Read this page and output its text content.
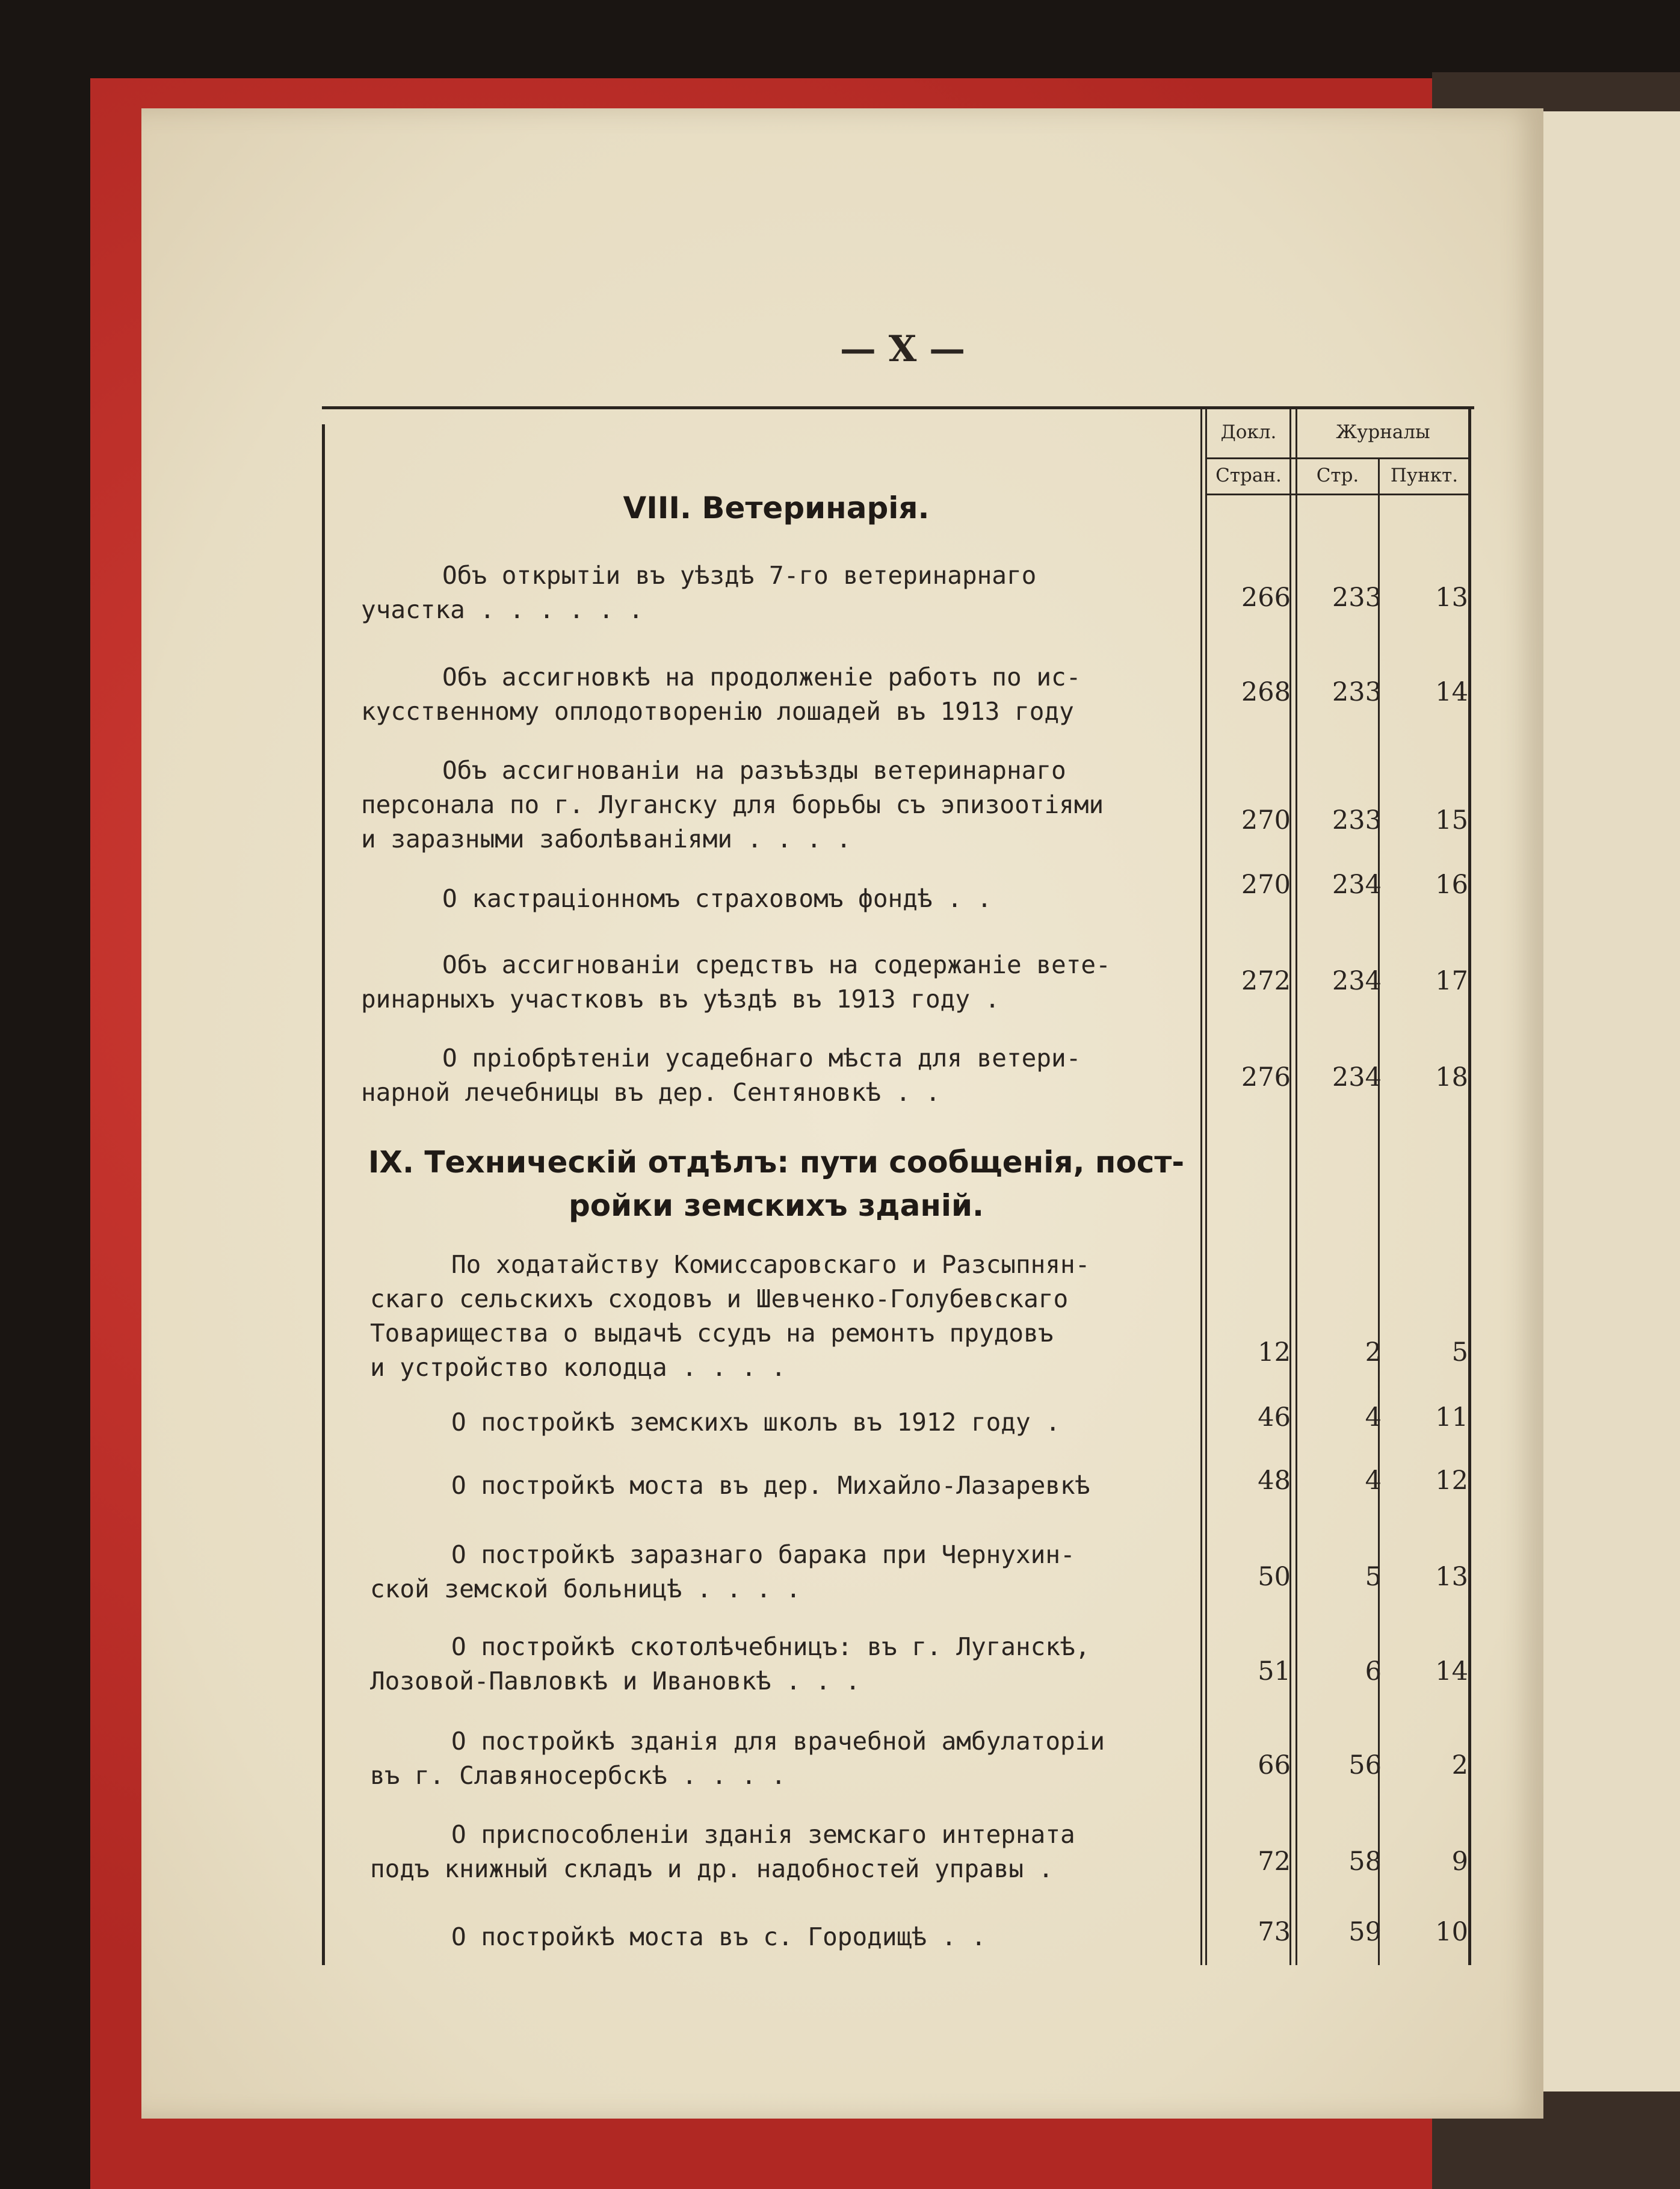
— X —
Докл.
Стран.
Журналы
Стр.	Пункт.
VIII. Ветеринарія.
Объ открытіи въ уѣздѣ 7-го ветеринарнаго
участка . . . . . .	266	233	13
Объ ассигновкѣ на продолженіе работъ по ис-
кусственному оплодотворенію лошадей въ 1913 году
268	233	14
Объ ассигнованіи на разъѣзды ветеринарнаго
персонала по г. Луганску для борьбы съ эпизоотіями
и заразными заболѣваніями . . . .
270	233	15
О кастраціонномъ страховомъ фондѣ . .	270	234	16
Объ ассигнованіи средствъ на содержаніе вете-
ринарныхъ участковъ въ уѣздѣ въ 1913 году .
272	234	17
О пріобрѣтеніи усадебнаго мѣста для ветери-
нарной лечебницы въ дер. Сентяновкѣ . .	276	234	18
IX. Техническій отдѣлъ: пути сообщенія, пост-
ройки земскихъ зданій.
По ходатайству Комиссаровскаго и Разсыпнян-
скаго сельскихъ сходовъ и Шевченко-Голубевскаго
Товарищества о выдачѣ ссудъ на ремонтъ прудовъ
и устройство колодца . . . .	12	2	5
О постройкѣ земскихъ школъ въ 1912 году .	46	4	11
О постройкѣ моста въ дер. Михайло-Лазаревкѣ	48	4	12
О постройкѣ заразнаго барака при Чернухин-
ской земской больницѣ . . . .	50	5	13
О постройкѣ скотолѣчебницъ: въ г. Луганскѣ,
Лозовой-Павловкѣ и Ивановкѣ . . .	51	6	14
О постройкѣ зданія для врачебной амбулаторіи
въ г. Славяносербскѣ . . . .	66	56	2
О приспособленіи зданія земскаго интерната
подъ книжный складъ и др. надобностей управы .	72	58	9
О постройкѣ моста въ с. Городищѣ . .	73	59	10
